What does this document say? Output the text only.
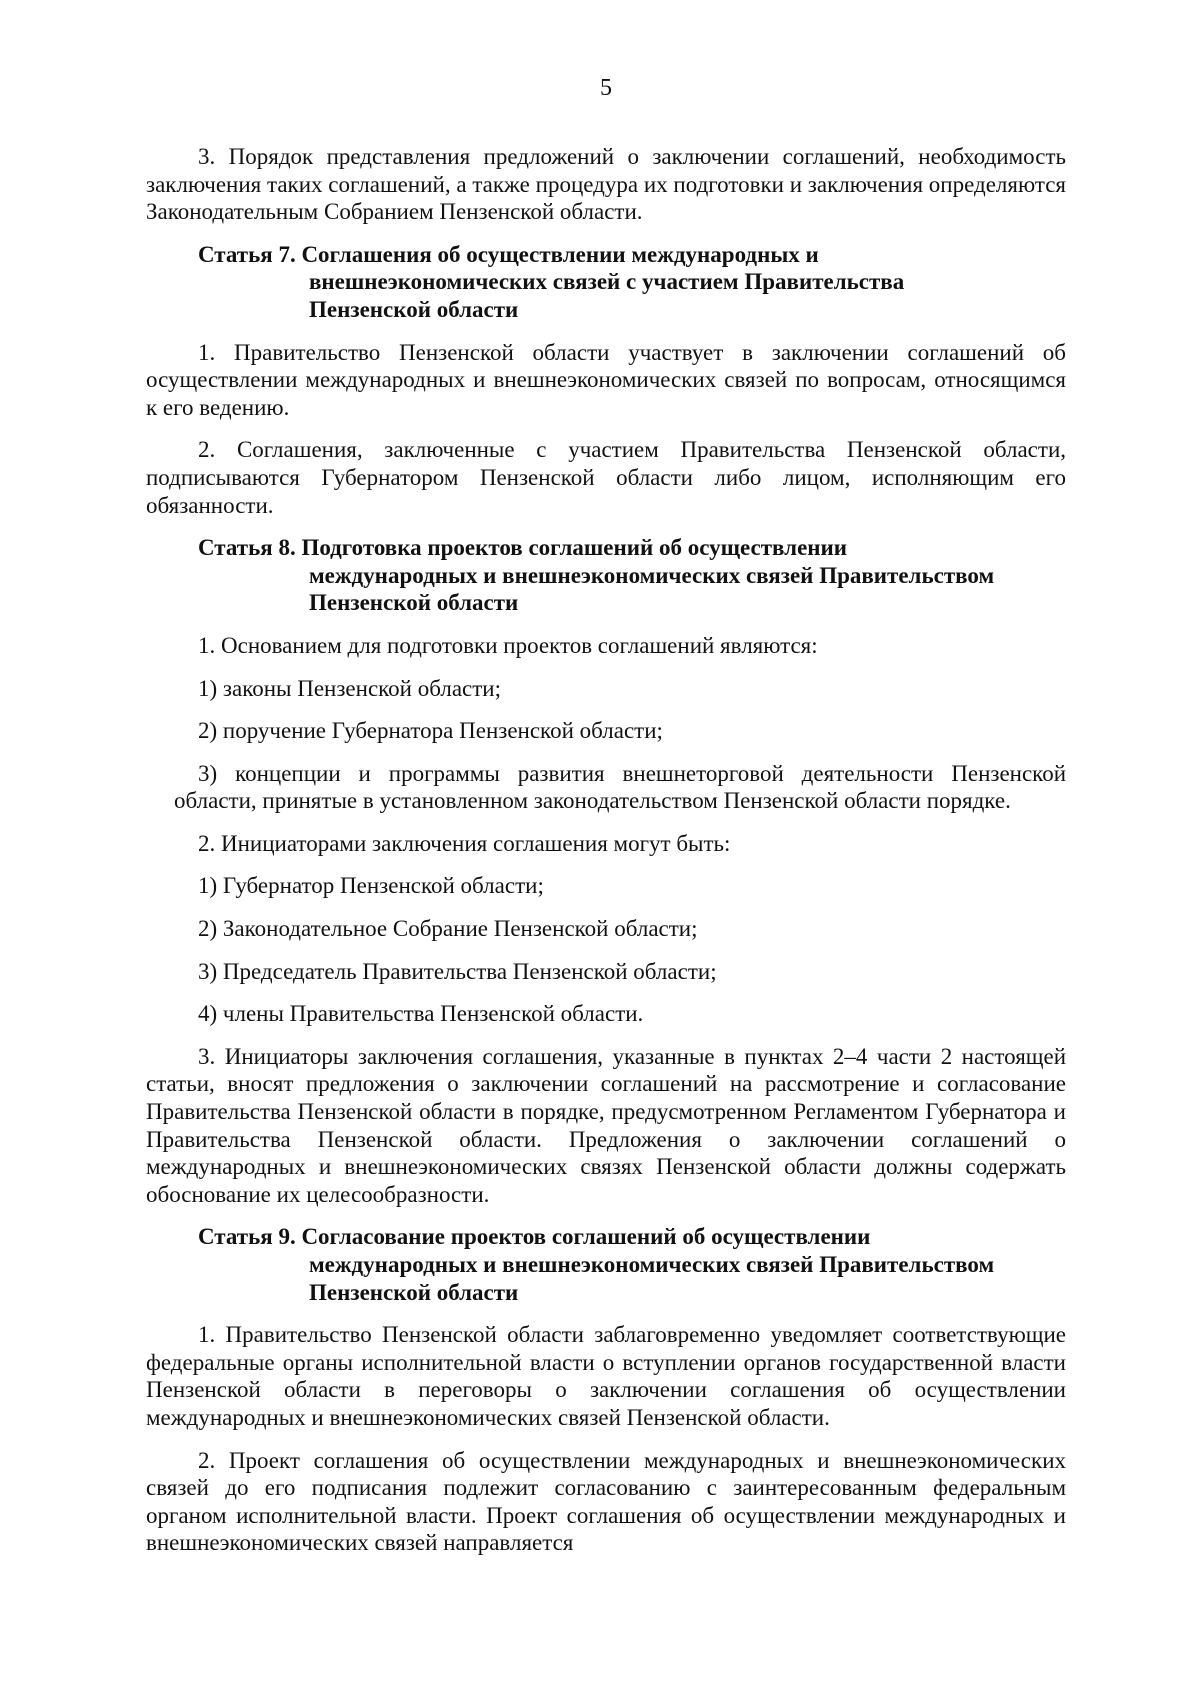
5

3. Порядок представления предложений о заключении соглашений, необходимость заключения таких соглашений, а также процедура их подготовки и заключения определяются Законодательным Собранием Пензенской области.

Статья 7. Соглашения об осуществлении международных и
внешнеэкономических связей с участием Правительства
Пензенской области

1. Правительство Пензенской области участвует в заключении соглашений об осуществлении международных и внешнеэкономических связей по вопросам, относящимся к его ведению.

2. Соглашения, заключенные с участием Правительства Пензенской области, подписываются Губернатором Пензенской области либо лицом, исполняющим его обязанности.

Статья 8. Подготовка проектов соглашений об осуществлении
международных и внешнеэкономических связей Правительством
Пензенской области

1. Основанием для подготовки проектов соглашений являются:

1) законы Пензенской области;

2) поручение Губернатора Пензенской области;

3) концепции и программы развития внешнеторговой деятельности Пензенской области, принятые в установленном законодательством Пензенской области порядке.

2. Инициаторами заключения соглашения могут быть:

1) Губернатор Пензенской области;

2) Законодательное Собрание Пензенской области;

3) Председатель Правительства Пензенской области;

4) члены Правительства Пензенской области.

3. Инициаторы заключения соглашения, указанные в пунктах 2–4 части 2 настоящей статьи, вносят предложения о заключении соглашений на рассмотрение и согласование Правительства Пензенской области в порядке, предусмотренном Регламентом Губернатора и Правительства Пензенской области. Предложения о заключении соглашений о международных и внешнеэкономических связях Пензенской области должны содержать обоснование их целесообразности.

Статья 9. Согласование проектов соглашений об осуществлении
международных и внешнеэкономических связей Правительством
Пензенской области

1. Правительство Пензенской области заблаговременно уведомляет соответствующие федеральные органы исполнительной власти о вступлении органов государственной власти Пензенской области в переговоры о заключении соглашения об осуществлении международных и внешнеэкономических связей Пензенской области.

2. Проект соглашения об осуществлении международных и внешнеэкономических связей до его подписания подлежит согласованию с заинтересованным федеральным органом исполнительной власти. Проект соглашения об осуществлении международных и внешнеэкономических связей направляется
